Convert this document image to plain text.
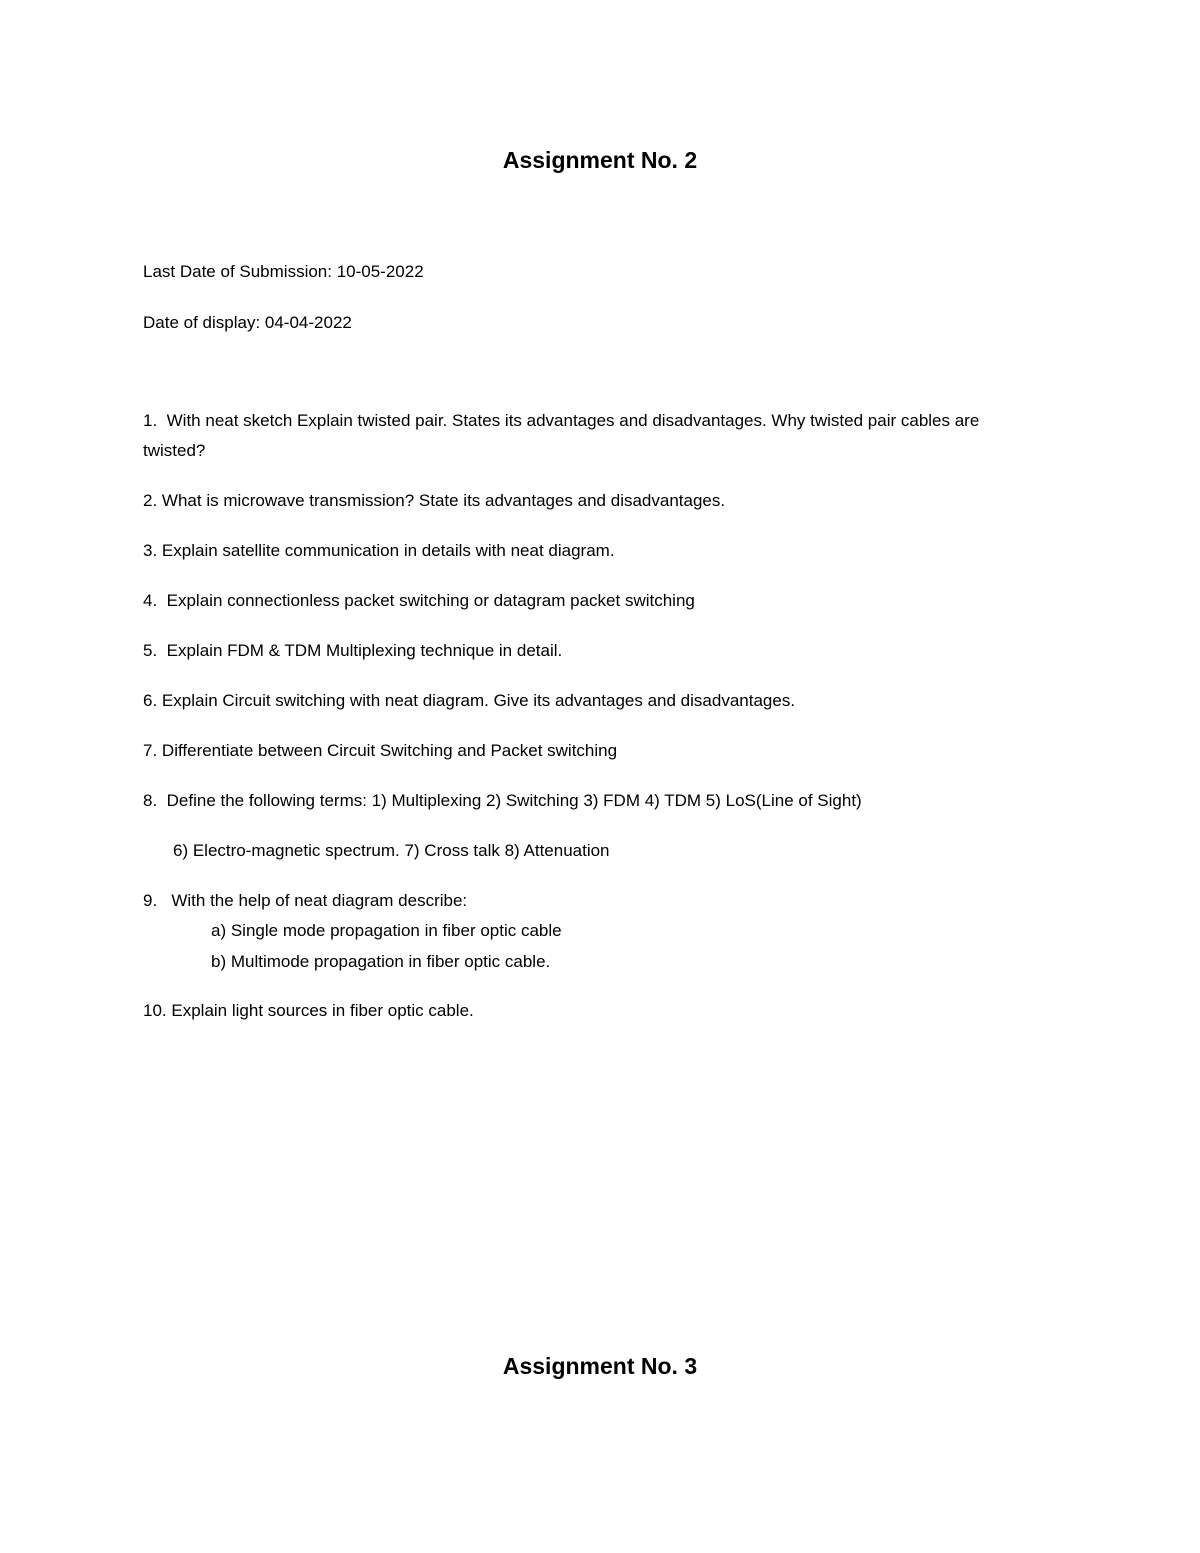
Assignment No. 2

Last Date of Submission: 10-05-2022

Date of display: 04-04-2022

1. With neat sketch Explain twisted pair. States its advantages and disadvantages. Why twisted pair cables are twisted?

2. What is microwave transmission? State its advantages and disadvantages.

3. Explain satellite communication in details with neat diagram.

4. Explain connectionless packet switching or datagram packet switching

5. Explain FDM & TDM Multiplexing technique in detail.

6. Explain Circuit switching with neat diagram. Give its advantages and disadvantages.

7. Differentiate between Circuit Switching and Packet switching

8. Define the following terms: 1) Multiplexing 2) Switching 3) FDM 4) TDM 5) LoS(Line of Sight)

6) Electro-magnetic spectrum. 7) Cross talk 8) Attenuation

9. With the help of neat diagram describe:

a) Single mode propagation in fiber optic cable

b) Multimode propagation in fiber optic cable.

10. Explain light sources in fiber optic cable.

Assignment No. 3
